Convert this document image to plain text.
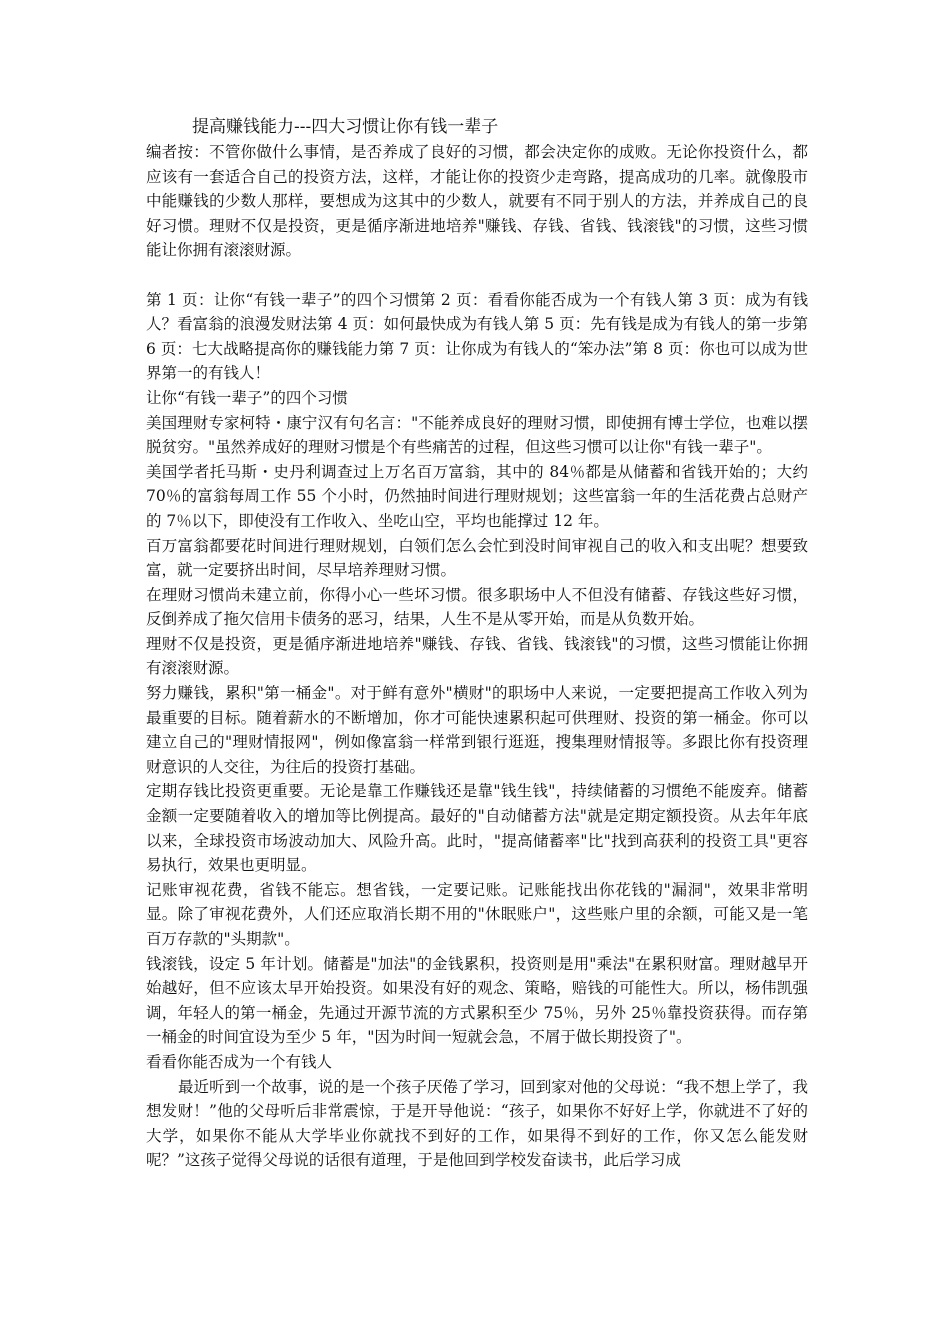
提高赚钱能力---四大习惯让你有钱一辈子

编者按：不管你做什么事情，是否养成了良好的习惯，都会决定你的成败。无论你投资什么，都应该有一套适合自己的投资方法，这样，才能让你的投资少走弯路，提高成功的几率。就像股市中能赚钱的少数人那样，要想成为这其中的少数人，就要有不同于别人的方法，并养成自己的良好习惯。理财不仅是投资，更是循序渐进地培养"赚钱、存钱、省钱、钱滚钱"的习惯，这些习惯能让你拥有滚滚财源。

第 1 页：让你“有钱一辈子”的四个习惯第 2 页：看看你能否成为一个有钱人第 3 页：成为有钱人？看富翁的浪漫发财法第 4 页：如何最快成为有钱人第 5 页：先有钱是成为有钱人的第一步第 6 页：七大战略提高你的赚钱能力第 7 页：让你成为有钱人的“笨办法”第 8 页：你也可以成为世界第一的有钱人！

让你“有钱一辈子”的四个习惯

美国理财专家柯特・康宁汉有句名言："不能养成良好的理财习惯，即使拥有博士学位，也难以摆脱贫穷。"虽然养成好的理财习惯是个有些痛苦的过程，但这些习惯可以让你"有钱一辈子"。

美国学者托马斯・史丹利调查过上万名百万富翁，其中的 84％都是从储蓄和省钱开始的；大约 70％的富翁每周工作 55 个小时，仍然抽时间进行理财规划；这些富翁一年的生活花费占总财产的 7％以下，即使没有工作收入、坐吃山空，平均也能撑过 12 年。

百万富翁都要花时间进行理财规划，白领们怎么会忙到没时间审视自己的收入和支出呢？想要致富，就一定要挤出时间，尽早培养理财习惯。

在理财习惯尚未建立前，你得小心一些坏习惯。很多职场中人不但没有储蓄、存钱这些好习惯，反倒养成了拖欠信用卡债务的恶习，结果，人生不是从零开始，而是从负数开始。

理财不仅是投资，更是循序渐进地培养"赚钱、存钱、省钱、钱滚钱"的习惯，这些习惯能让你拥有滚滚财源。

努力赚钱，累积"第一桶金"。对于鲜有意外"横财"的职场中人来说，一定要把提高工作收入列为最重要的目标。随着薪水的不断增加，你才可能快速累积起可供理财、投资的第一桶金。你可以建立自己的"理财情报网"，例如像富翁一样常到银行逛逛，搜集理财情报等。多跟比你有投资理财意识的人交往，为往后的投资打基础。

定期存钱比投资更重要。无论是靠工作赚钱还是靠"钱生钱"，持续储蓄的习惯绝不能废弃。储蓄金额一定要随着收入的增加等比例提高。最好的"自动储蓄方法"就是定期定额投资。从去年年底以来，全球投资市场波动加大、风险升高。此时，"提高储蓄率"比"找到高获利的投资工具"更容易执行，效果也更明显。

记账审视花费，省钱不能忘。想省钱，一定要记账。记账能找出你花钱的"漏洞"，效果非常明显。除了审视花费外，人们还应取消长期不用的"休眠账户"，这些账户里的余额，可能又是一笔百万存款的"头期款"。

钱滚钱，设定 5 年计划。储蓄是"加法"的金钱累积，投资则是用"乘法"在累积财富。理财越早开始越好，但不应该太早开始投资。如果没有好的观念、策略，赔钱的可能性大。所以，杨伟凯强调，年轻人的第一桶金，先通过开源节流的方式累积至少 75％，另外 25％靠投资获得。而存第一桶金的时间宜设为至少 5 年，"因为时间一短就会急，不屑于做长期投资了"。

看看你能否成为一个有钱人

最近听到一个故事，说的是一个孩子厌倦了学习，回到家对他的父母说：“我不想上学了，我想发财！”他的父母听后非常震惊，于是开导他说：“孩子，如果你不好好上学，你就进不了好的大学，如果你不能从大学毕业你就找不到好的工作，如果得不到好的工作，你又怎么能发财呢？”这孩子觉得父母说的话很有道理，于是他回到学校发奋读书，此后学习成
